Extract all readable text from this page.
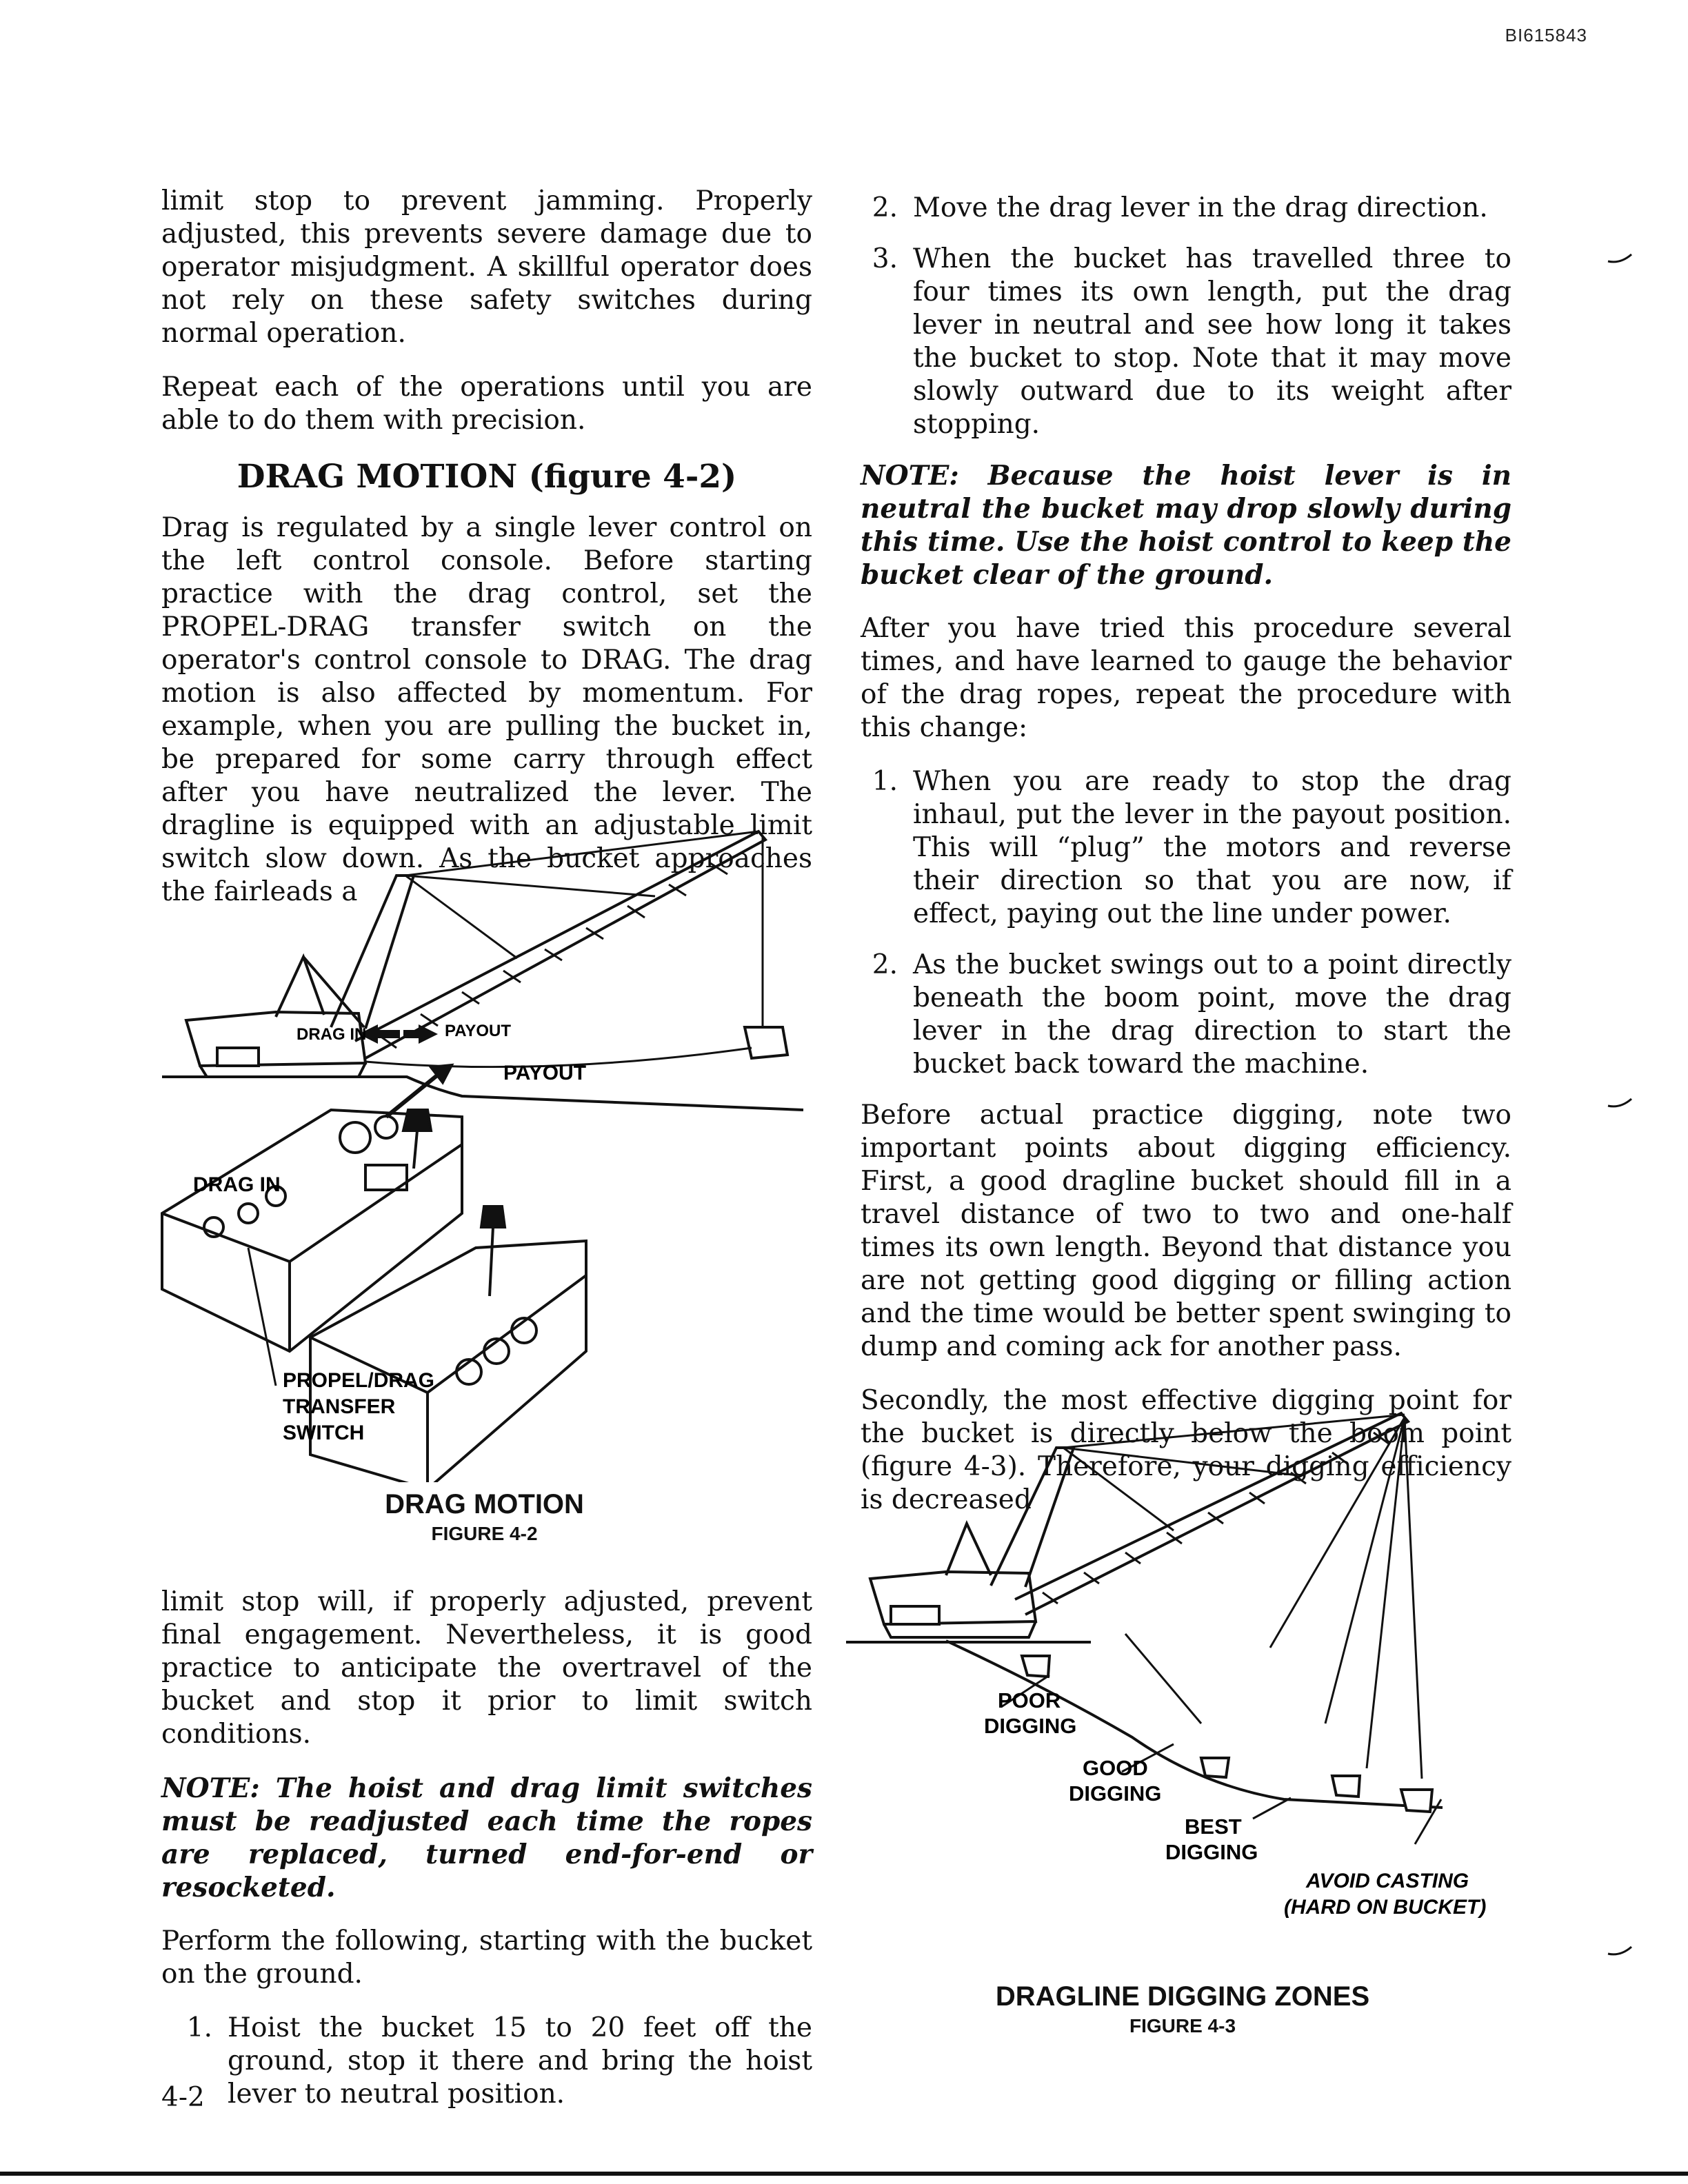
BI615843

limit stop to prevent jamming. Properly adjusted, this prevents severe damage due to operator misjudgment. A skillful operator does not rely on these safety switches during normal operation.

Repeat each of the operations until you are able to do them with precision.

DRAG MOTION (figure 4-2)

Drag is regulated by a single lever control on the left control console. Before starting practice with the drag control, set the PROPEL-DRAG transfer switch on the operator's control console to DRAG. The drag motion is also affected by momentum. For example, when you are pulling the bucket in, be prepared for some carry through effect after you have neutralized the lever. The dragline is equipped with an adjustable limit switch slow down. As the bucket approaches the fairleads a

DRAG IN	PAYOUT
PAYOUT
DRAG IN
PROPEL/DRAG
TRANSFER
SWITCH
DRAG MOTION
FIGURE 4-2

limit stop will, if properly adjusted, prevent final engagement. Nevertheless, it is good practice to anticipate the overtravel of the bucket and stop it prior to limit switch conditions.

NOTE: The hoist and drag limit switches must be readjusted each time the ropes are replaced, turned end-for-end or resocketed.

Perform the following, starting with the bucket on the ground.

1. Hoist the bucket 15 to 20 feet off the ground, stop it there and bring the hoist lever to neutral position.
2. Move the drag lever in the drag direction.
3. When the bucket has travelled three to four times its own length, put the drag lever in neutral and see how long it takes the bucket to stop. Note that it may move slowly outward due to its weight after stopping.

NOTE: Because the hoist lever is in neutral the bucket may drop slowly during this time. Use the hoist control to keep the bucket clear of the ground.

After you have tried this procedure several times, and have learned to gauge the behavior of the drag ropes, repeat the procedure with this change:

1. When you are ready to stop the drag inhaul, put the lever in the payout position. This will “plug” the motors and reverse their direction so that you are now, if effect, paying out the line under power.
2. As the bucket swings out to a point directly beneath the boom point, move the drag lever in the drag direction to start the bucket back toward the machine.

Before actual practice digging, note two important points about digging efficiency. First, a good dragline bucket should fill in a travel distance of two to two and one-half times its own length. Beyond that distance you are not getting good digging or filling action and the time would be better spent swinging to dump and coming ack for another pass.

Secondly, the most effective digging point for the bucket is directly below the boom point (figure 4-3). Therefore, your digging efficiency is decreased

POOR
DIGGING
GOOD
DIGGING
BEST
DIGGING
AVOID CASTING
(HARD ON BUCKET)
DRAGLINE DIGGING ZONES
FIGURE 4-3
4-2
